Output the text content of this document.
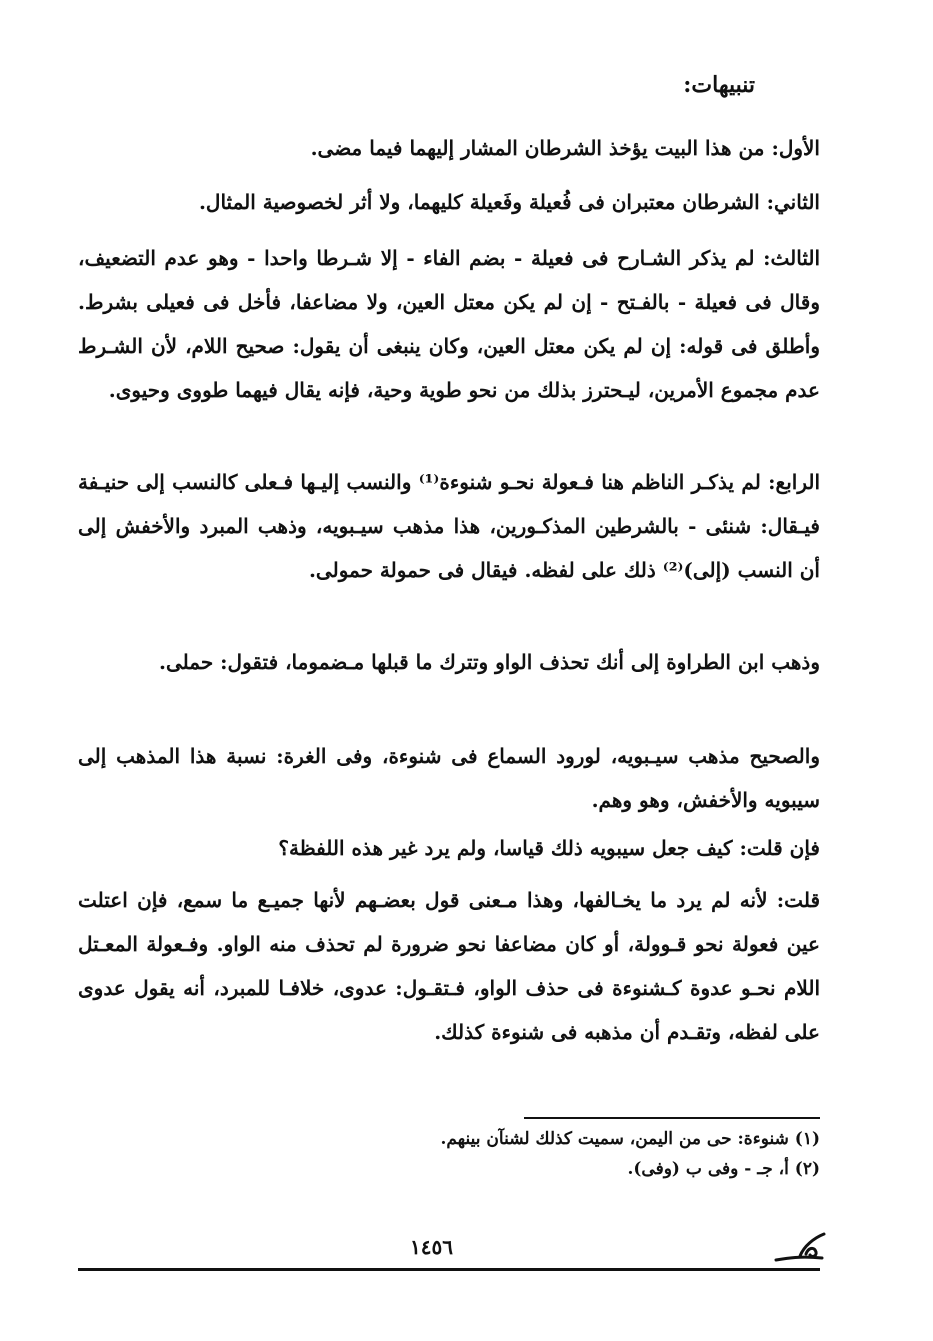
تنبيهات:
الأول: من هذا البيت يؤخذ الشرطان المشار إليهما فيما مضى.
الثاني: الشرطان معتبران فى فُعيلة وفَعيلة كليهما، ولا أثر لخصوصية المثال.
الثالث: لم يذكر الشـارح فى فعيلة - بضم الفاء - إلا شـرطا واحدا - وهو عدم التضعيف، وقال فى فعيلة - بالفـتح - إن لم يكن معتل العين، ولا مضاعفا، فأخل فى فعيلى بشرط. وأطلق فى قوله: إن لم يكن معتل العين، وكان ينبغى أن يقول: صحيح اللام، لأن الشـرط عدم مجموع الأمرين، ليـحترز بذلك من نحو طوية وحية، فإنه يقال فيهما طووى وحيوى.
الرابع: لم يذكـر الناظم هنا فـعولة نحـو شنوءة⁽¹⁾ والنسب إليـها فـعلى كالنسب إلى حنيـفة فيـقال: شنئى - بالشرطين المذكـورين، هذا مذهب سيـبويه، وذهب المبرد والأخفش إلى أن النسب (إلى)⁽²⁾ ذلك على لفظه. فيقال فى حمولة حمولى.
وذهب ابن الطراوة إلى أنك تحذف الواو وتترك ما قبلها مـضموما، فتقول: حملى.
والصحيح مذهب سيـبويه، لورود السماع فى شنوءة، وفى الغرة: نسبة هذا المذهب إلى سيبويه والأخفش، وهو وهم.
فإن قلت: كيف جعل سيبويه ذلك قياسا، ولم يرد غير هذه اللفظة؟
قلت: لأنه لم يرد ما يخـالفها، وهذا مـعنى قول بعضـهم لأنها جميـع ما سمع، فإن اعتلت عين فعولة نحو قـوولة، أو كان مضاعفا نحو ضرورة لم تحذف منه الواو. وفـعولة المعـتل اللام نحـو عدوة كـشنوءة فى حذف الواو، فـتقـول: عدوى، خلافـا للمبرد، أنه يقول عدوى على لفظه، وتقـدم أن مذهبه فى شنوءة كذلك.
(١) شنوءة: حى من اليمن، سميت كذلك لشنآن بينهم.
(٢) أ، جـ - وفى ب (وفى).
١٤٥٦
